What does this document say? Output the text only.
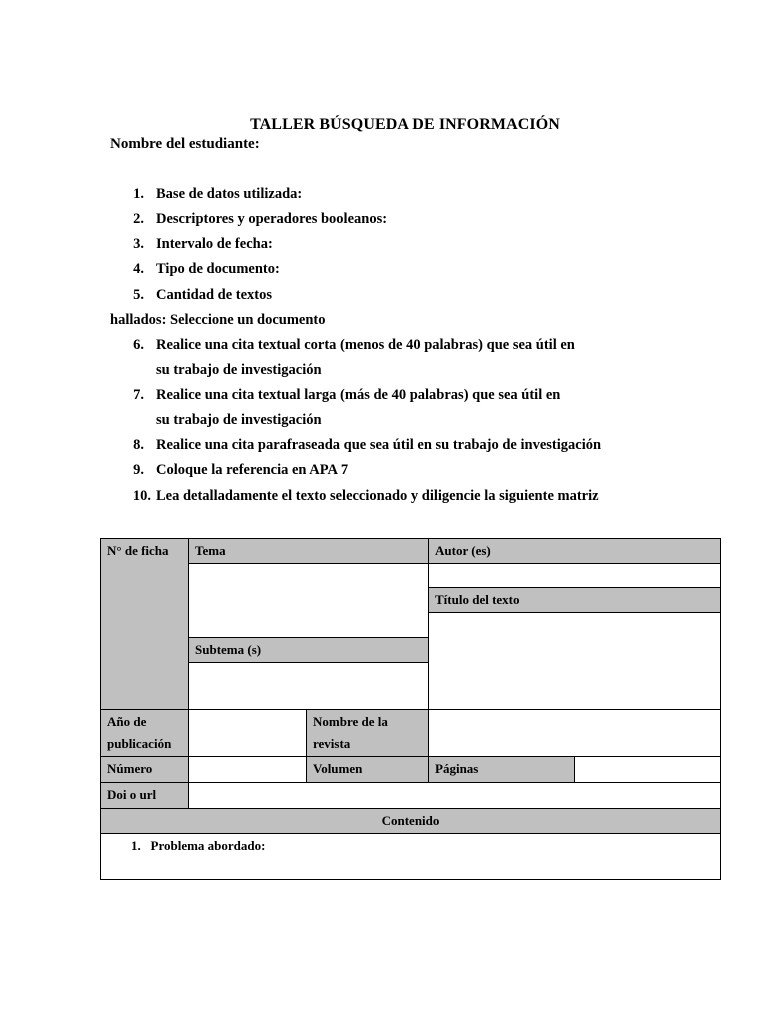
TALLER BÚSQUEDA DE INFORMACIÓN
Nombre del estudiante:
1. Base de datos utilizada:
2. Descriptores y operadores booleanos:
3. Intervalo de fecha:
4. Tipo de documento:
5. Cantidad de textos
hallados: Seleccione un documento
6. Realice una cita textual corta (menos de 40 palabras) que sea útil en
su trabajo de investigación
7. Realice una cita textual larga (más de 40 palabras) que sea útil en
su trabajo de investigación
8. Realice una cita parafraseada que sea útil en su trabajo de investigación
9. Coloque la referencia en APA 7
10. Lea detalladamente el texto seleccionado y diligencie la siguiente matriz
N° de ficha	Tema		Autor (es)	

			Título del texto	

	Subtema (s)			

Año de publicación		Nombre de la revista		
Número		Volumen	Páginas	
Doi o url				
Contenido				
1. Problema abordado:				
